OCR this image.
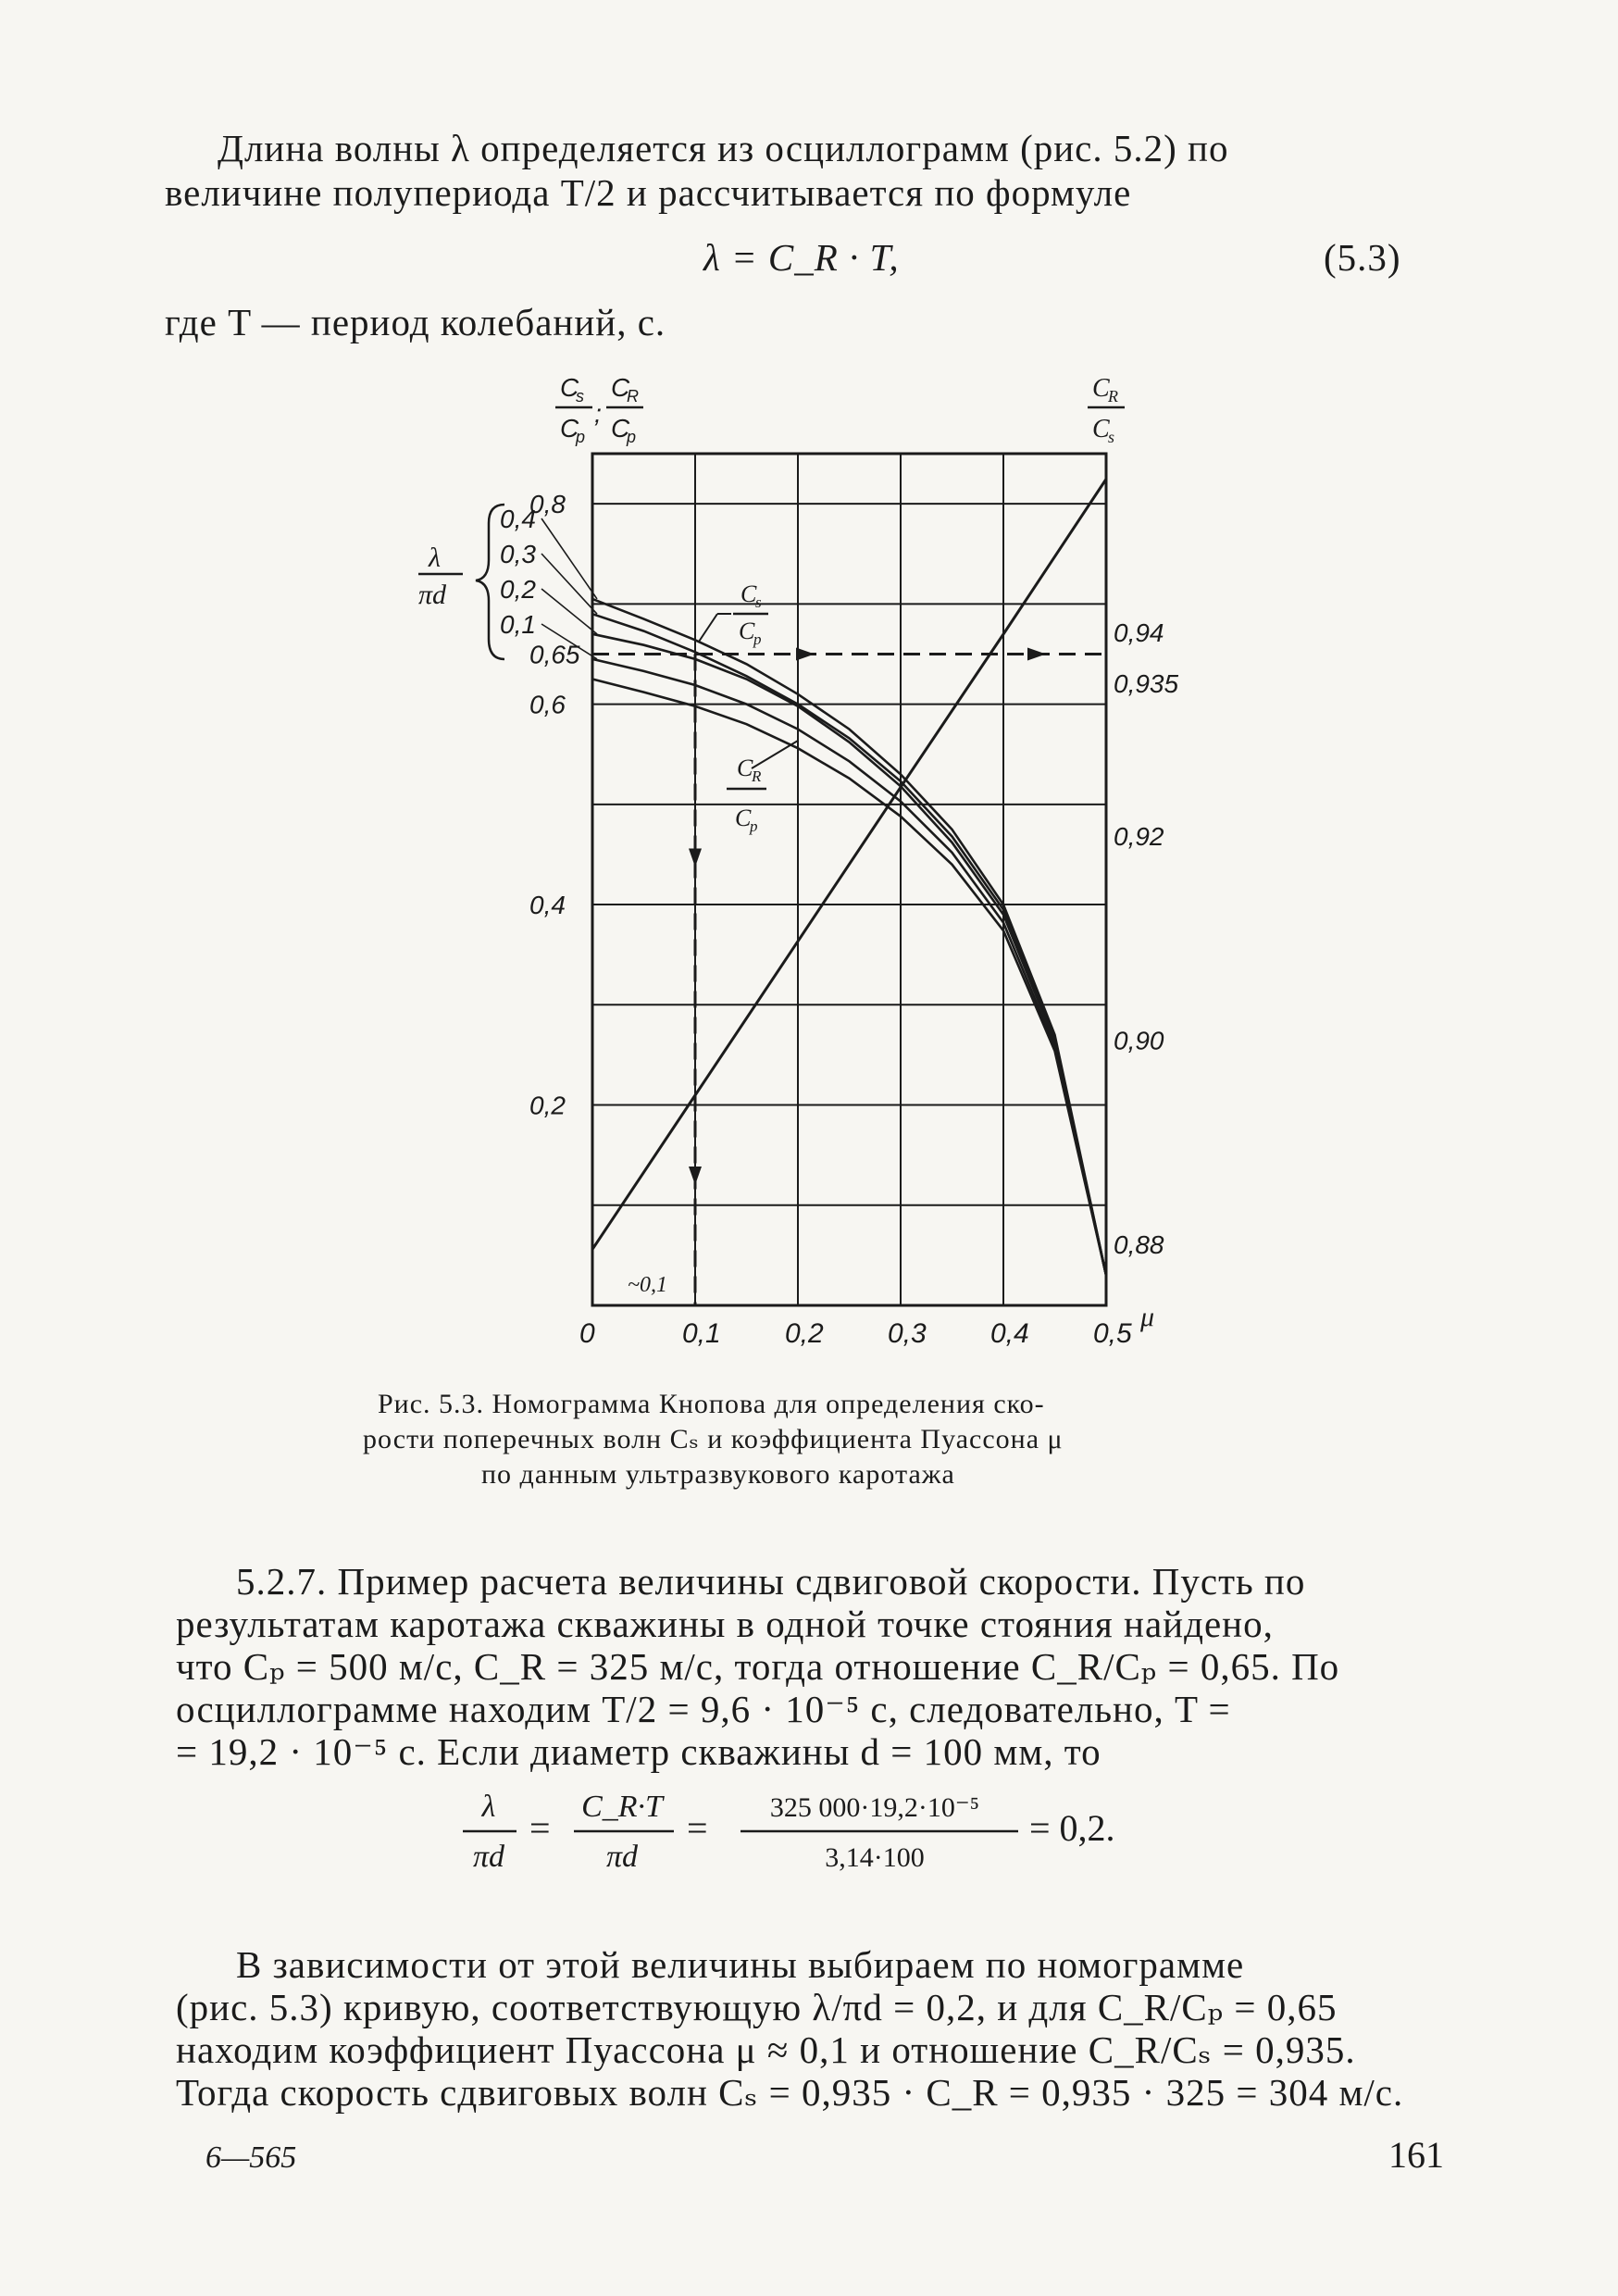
Длина волны λ определяется из осциллограмм (рис. 5.2) по
величине полупериода T/2 и рассчитывается по формуле
λ = C_R · T,	(5.3)
где T — период колебаний, с.
0	0,1 0,2 0,3 0,4 0,5
0,2
0,4
0,6
0,65
0,8
0,88
0,90
0,92
0,935
0,94
C
s
C
p
;
C
R
C
p
C
R
C
s
λ
πd
0,4
0,3
0,2
0,1
C
s
C
p
C
R
C
p
~0,1
μ
Рис. 5.3. Номограмма Кнопова для определения ско-
рости поперечных волн Cₛ и коэффициента Пуассона μ
по данным ультразвукового каротажа
5.2.7. Пример расчета величины сдвиговой скорости. Пусть по
результатам каротажа скважины в одной точке стояния найдено,
что Cₚ = 500 м/с, C_R = 325 м/с, тогда отношение C_R/Cₚ = 0,65. По
осциллограмме находим T/2 = 9,6 · 10⁻⁵ с, следовательно, T =
= 19,2 · 10⁻⁵ с. Если диаметр скважины d = 100 мм, то
λ
πd
=
C_R·T
πd
= 325 000·19,2·10⁻⁵
3,14·100
= 0,2.
В зависимости от этой величины выбираем по номограмме
(рис. 5.3) кривую, соответствующую λ/πd = 0,2, и для C_R/Cₚ = 0,65
находим коэффициент Пуассона μ ≈ 0,1 и отношение C_R/Cₛ = 0,935.
Тогда скорость сдвиговых волн Cₛ = 0,935 · C_R = 0,935 · 325 = 304 м/с.
6—565	161
